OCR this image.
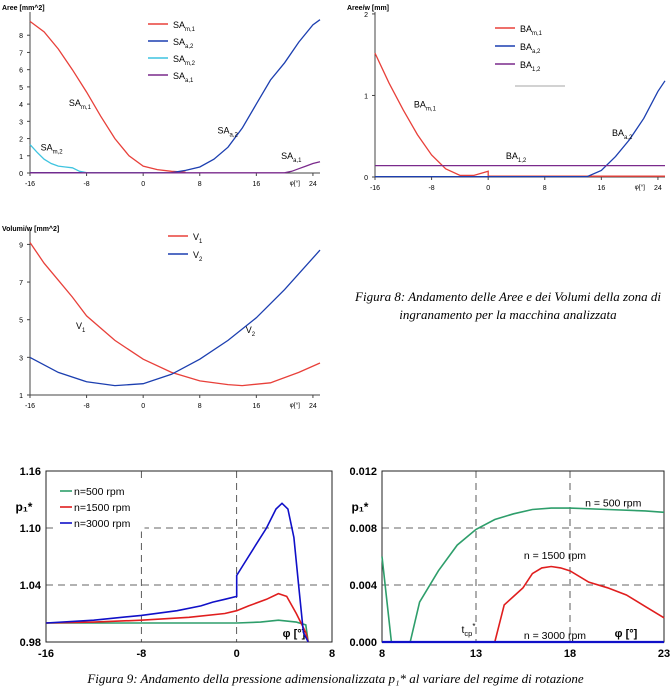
0
1
2
3
4
5
6
7
8
-16	-8	0	8	16	24
Aree [mm^2]
φ[°]
$SA_{m,1}$
$SA_{a,2}$
$SA_{m,2}$	$SA_{a,1}$
$SA_{m,1}$
$SA_{a,2}$
$SA_{m,2}$
$SA_{a,1}$
0
1
2
-16	-8	0	8	16	24
Aree/w [mm]
φ[°]
$BA_{m,1}$
$BA_{a,2}$
$BA_{1,2}$
$BA_{m,1}$
$BA_{a,2}$
$BA_{1,2}$
1
3
5
7
9
-16	-8	0	8	16	24
Volumi/w [mm^2]
φ[°]
$V_1$	$V_2$
$V_1$
$V_2$
Figura 8: Andamento delle Aree e dei Volumi della zona di ingranamento per la macchina analizzata
0.98
1.04
1.10
1.16
-16	-8	0	8
p₁*
φ [°]
n=500 rpm
n=1500 rpm
n=3000 rpm
0.000
0.004
0.008
0.012
8	13	18	23
p₁*
φ [°]
n = 500 rpm
n = 1500 rpm
n = 3000 rpm
$t_{cp}^*$
Figura 9: Andamento della pressione adimensionalizzata p₁* al variare del regime di rotazione
